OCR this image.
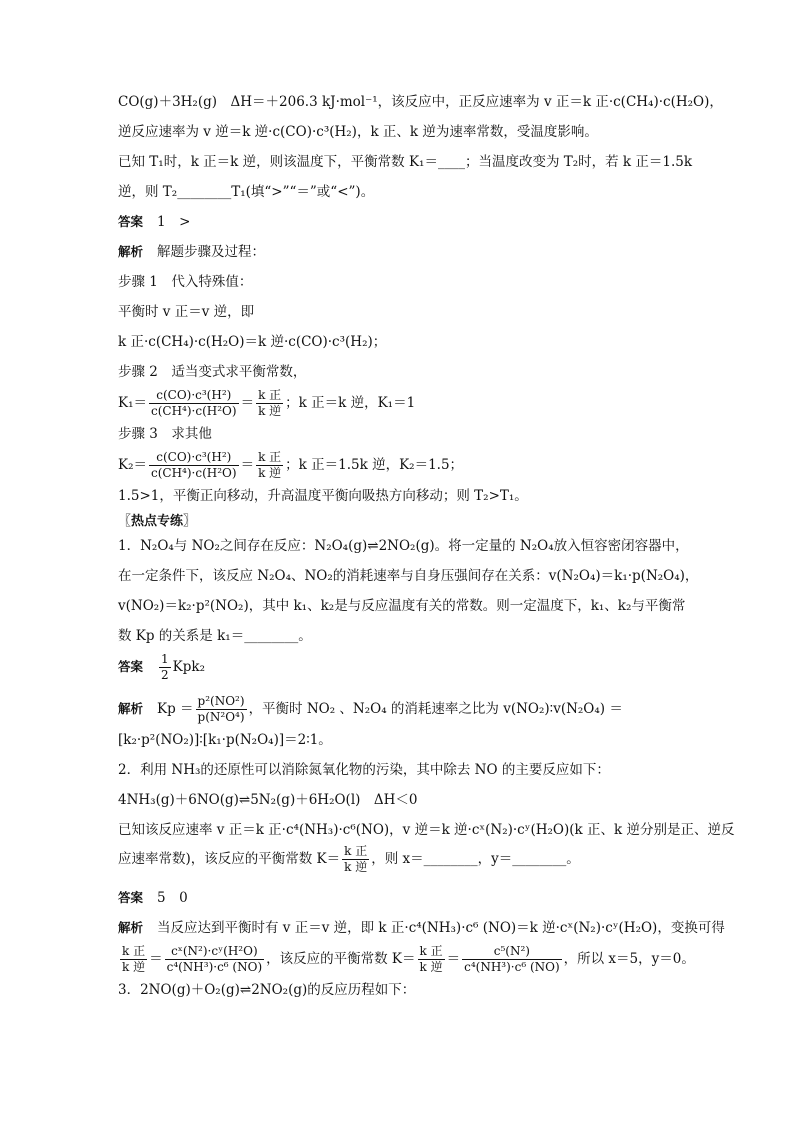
CO(g)＋3H₂(g)　ΔH＝＋206.3 kJ·mol⁻¹，该反应中，正反应速率为 v 正＝k 正·c(CH₄)·c(H₂O)，

逆反应速率为 v 逆＝k 逆·c(CO)·c³(H₂)，k 正、k 逆为速率常数，受温度影响。

已知 T₁时，k 正＝k 逆，则该温度下，平衡常数 K₁＝____；当温度改变为 T₂时，若 k 正＝1.5k

逆，则 T₂________T₁(填“>”“＝”或“<”)。

答案 1　>

解析 解题步骤及过程：

步骤 1　代入特殊值：

平衡时 v 正＝v 逆，即

k 正·c(CH₄)·c(H₂O)＝k 逆·c(CO)·c³(H₂)；

步骤 2　适当变式求平衡常数，

$K_1= \frac{\text{c(CO)·c³(H²)}}{\text{c(CH⁴)·c(H²O)}} = \frac{\text{k 正}}{\text{k 逆}}$ ；k 正＝k 逆，K₁＝1

步骤 3　求其他

$K_2= \frac{\text{c(CO)·c³(H²)}}{\text{c(CH⁴)·c(H²O)}} = \frac{\text{k 正}}{\text{k 逆}}$ ；k 正＝1.5k 逆，K₂＝1.5；

1.5>1，平衡正向移动，升高温度平衡向吸热方向移动；则 T₂>T₁。

〖热点专练〗

1．N₂O₄与 NO₂之间存在反应：N₂O₄(g)⇌2NO₂(g)。将一定量的 N₂O₄放入恒容密闭容器中，

在一定条件下，该反应 N₂O₄、NO₂的消耗速率与自身压强间存在关系：v(N₂O₄)＝k₁·p(N₂O₄)，

v(NO₂)＝k₂·p²(NO₂)，其中 k₁、k₂是与反应温度有关的常数。则一定温度下，k₁、k₂与平衡常

数 Kp 的关系是 k₁＝________。

答案 $\frac{1}{2} Kpk_2$

解析 $Kp = \frac{\text{p²(NO²)}}{\text{p(N²O⁴)}}$ ，平衡时 NO₂ 、N₂O₄ 的消耗速率之比为 v(NO₂)∶v(N₂O₄) ＝

[k₂·p²(NO₂)]∶[k₁·p(N₂O₄)]＝2∶1。

2．利用 NH₃的还原性可以消除氮氧化物的污染，其中除去 NO 的主要反应如下：

4NH₃(g)＋6NO(g)⇌5N₂(g)＋6H₂O(l)　ΔH＜0

已知该反应速率 v 正＝k 正·c⁴(NH₃)·c⁶(NO)，v 逆＝k 逆·cˣ(N₂)·cʸ(H₂O)(k 正、k 逆分别是正、逆反

应速率常数)，该反应的平衡常数 $K= \frac{\text{k 正}}{\text{k 逆}}$ ，则 x＝________，y＝________。

答案 5　0

解析 当反应达到平衡时有 v 正＝v 逆，即 k 正·c⁴(NH₃)·c⁶ (NO)＝k 逆·cˣ(N₂)·cʸ(H₂O)，变换可得

$\frac{\text{k 正}}{\text{k 逆}} = \frac{\text{cˣ(N²)·cʸ(H²O)}}{\text{c⁴(NH³)·c⁶ (NO)}}$ ，该反应的平衡常数 $K= \frac{\text{k 正}}{\text{k 逆}} = \frac{\text{c⁵(N²)}}{\text{c⁴(NH³)·c⁶ (NO)}}$ ，所以 x＝5，y＝0。

3．2NO(g)＋O₂(g)⇌2NO₂(g)的反应历程如下：
